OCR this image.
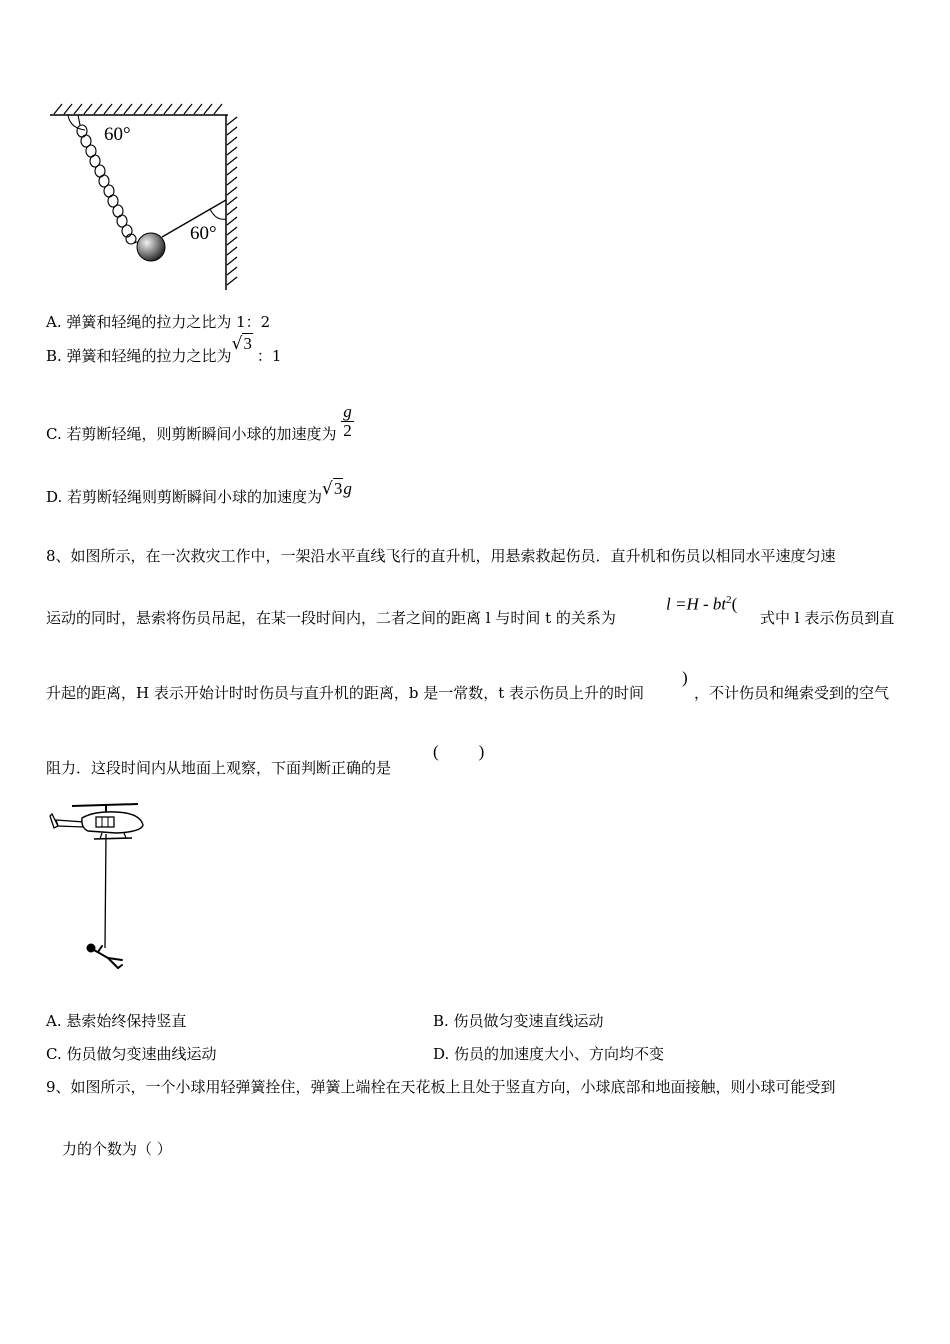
60°
60°
A. 弹簧和轻绳的拉力之比为 1：2
B. 弹簧和轻绳的拉力之比为√3：1
C. 若剪断轻绳，则剪断瞬间小球的加速度为 $\frac{g}{2}$
D. 若剪断轻绳则剪断瞬间小球的加速度为√3g
8、如图所示，在一次救灾工作中，一架沿水平直线飞行的直升机，用悬索救起伤员．直升机和伤员以相同水平速度匀速
运动的同时，悬索将伤员吊起，在某一段时间内，二者之间的距离 l 与时间 t 的关系为
$l =H - bt^2$(
式中 l 表示伤员到直
升起的距离，H 表示开始计时时伤员与直升机的距离，b 是一常数，t 表示伤员上升的时间
)
，不计伤员和绳索受到的空气
阻力．这段时间内从地面上观察，下面判断正确的是
( )
A. 悬索始终保持竖直	B. 伤员做匀变速直线运动
C. 伤员做匀变速曲线运动	D. 伤员的加速度大小、方向均不变
9、如图所示，一个小球用轻弹簧拴住，弹簧上端栓在天花板上且处于竖直方向，小球底部和地面接触，则小球可能受到
力的个数为（ ）
